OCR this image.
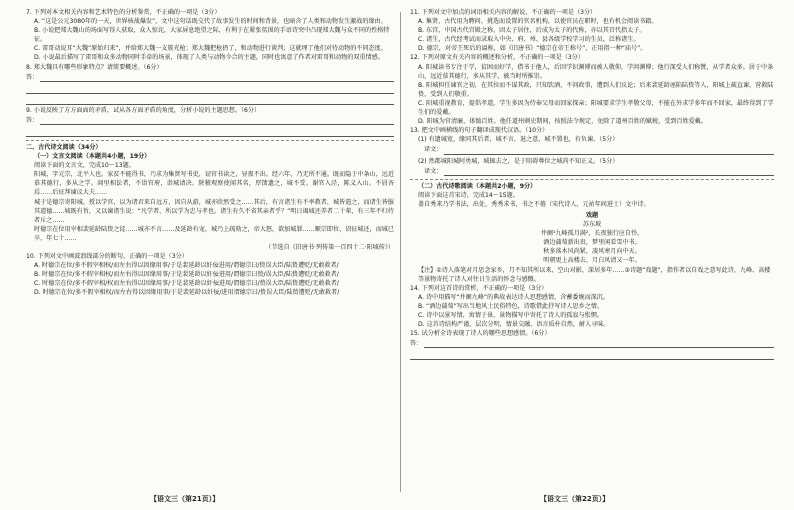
7. 下列对本文相关内容和艺术特色的分析鉴赏，不正确的一项是（3分）

A. “这是公元3080年的一天，世界核战爆发”，文中这句话既交代了故事发生的时间和背景，也暗含了人类和动物发生激战的缘由。

B. 小说把郑大魏山的场面写得人获取，众人惊诧，大家屏息绝望之际，有利于在紧张氛围的手语诗突中凸现郑大魏与众不同的性格特征。

C. 雷哥动说耳“大魏”原始归来”，并给郑大魏一支簇光枪；郑大魏把枪扔了，和动物进行谈判；这就埋了他们对待动物的不同态度。

D. 小说最后描写了雷哥和众多动物同时手牵的场景，体现了人类与动物今合的主题，同时也寓意了作者对雷哥和动物的双重情感。

8. 郑大魏具有哪些形象特点？请简要概述。（6分）

答：

9. 小说反映了方方面面的矛盾，试从各方面矛盾的角度，分析小说的主题思想。（6分）

答：

二、古代诗文阅读（34分）

（一）文言文阅读（本题共4小题，19分）

阅读下面的文言文，完成10～13题。

阳城，字元宗，北平人也。家贫不能得书，乃求为集贤写书吏，窃官书读之，昼夜不出。经六年，乃无所不通。既而隐于中条山，远近慕其德行，多从之学。闾里相讼者，不诣官府，诣城请决。陕虢观察使闻其名，厚馈遗之，城不受。谢官入泾，陈义入山。不屑吝焉……后征拜谏议大夫……

城于是德宗寄阳城，授以学官，以为诸君来自远方，因自从游，城亦欣然受之……其后，有言诸生有不率教者，城皆遣之，而诸生皆服其道德……城既有旨，又以谏诸生说：“凡学者，所以学为忠与孝也。诸生有久不省其亲者乎？”明日谒城还养者二十辈，有三年不归侍者斥之……

时德宗在位用宰相裴延龄陆贽之徒……城亦不言……及延龄有宠，城乃上疏劾之，帝大怒，欲加城罪……顺宗即位，诏征城还，而城已卒，年七十……

（节选自《旧唐书·列传第一百四十二·阳城传》）

10. 下列对文中画波浪线部分的断句，正确的一项是（3分）

A. 时德宗在位/多不假宰相权/而左右得以因缘用事/于是裴延龄以奸佞进用/谓德宗曰/贽误大臣/陆贽遭贬/无敢救者/

B. 时德宗在位/多不假宰相权/而左右得以因缘用事/于是裴延龄以奸佞进用/谓德宗曰贽/误大臣/陆贽遭贬/无敢救者/

C. 时德宗在位/多不假宰相/权而左右得以因缘用事/于是裴延龄以奸佞进用/谓德宗曰/贽误大臣/陆贽遭贬/无敢救者/

D. 时德宗在位/多不假宰相权/而左右得以因缘用事/于是裴延龄以奸佞/进用谓德宗曰/贽误大臣/陆贽遭贬/无敢救者/

11. 下列对文中加点的词语相关内容的解说，不正确的一项是（3分）

A. 集贤，古代用为聘问、挑选而设置的官名机构，以使官员在职时，也有机会阅读书籍。

B. 东宫，中国古代宫殿之称，因太子居住，后成为太子的代称，亦以其宫代指太子。

C. 诸生，古代经考试而录取入中央、府、州、县各级学校学习的生员，泛称诸生。

D. 德宗，对帝王死后的谥称，如《旧唐书》“德宗在帝王称号”，正用指一种“庙号”。

12. 下列对原文有关内容的概述和分析，不正确的一项是（3分）

A. 阳城读书专注于学，贫困而好学，借书于他人，后因学识渊博而被人敬仰，学问渊博；他行深受人们称赞，从学者众多。居于中条山，远近慕其德行，多从其学，被当时所推崇。

B. 阳城担任谏官之初，在其位而不谋其政，只知饮酒，不问政事，遭到人们议论；后来裴延龄诬陷陆贽等人，阳城上疏直谏，营救陆贽，受到人们敬重。

C. 阳城重视教育，提倡孝道，学生多因为侍奉父母而回家探亲；阳城要求学生孝敬父母，不能在外求学多年而不回家，最终得到了学生们的爱戴。

D. 阳城为官清廉，体恤百姓。他任道州刺史期间，按照法令规定，免除了道州百姓的赋税，受到百姓爱戴。

13. 把文中画横线的句子翻译成现代汉语。（10分）

(1) 有遗城宽，缘同其后者，城不言，退之意，城不置也，有负谏。（5分）

译文：

(2) 然都城阳城阿勇城，城辄去之，是于阻碍尊位之城尚不知正义。（5分）

译文：

（二）古代诗歌阅读（本题共2小题，9分）

阅读下面这首宋诗，完成14～15题。

盖自秀来乃学书法，出处，秀秀求书，书之不倦（宋代诗人，元祐年间进士）文中诗。

戏题

苏东坡

井阑¹九峰孤月满²，长夜独行应自怜。

酒边蒲萄新出贵，梦里闲看雪中书。

秋多落木风尚紧，凌风寒月向中天。

明朝更上高楼去，月白风清又一年。

【注】①诗人落笔对月思念家乡，月不知其所以来，空山对影，深居多年……②诗题“戏题”，指作者以自戏之意写此诗，九峰、高楼等景物寄托了诗人对往日生活的怀念与感慨。

14. 下列对这首诗的赏析，不正确的一项是（3分）

A. 诗中用描写“井阑九峰”的典故表达诗人思想感情，含蓄委婉而深沉。

B. “酒边蒲萄”写出当地风土民俗特色，诗歌借此抒写诗人思乡之情。

C. 诗中以景写情，寓情于景，景物描写中寄托了诗人的孤寂与怅惘。

D. 这首诗结构严谨，层次分明，情景交融，语言质朴自然，耐人寻味。

15. 试分析全诗表现了诗人的哪些思想感情。（6分）

答：
【语文三（第21页）】	【语文三（第22页）】
